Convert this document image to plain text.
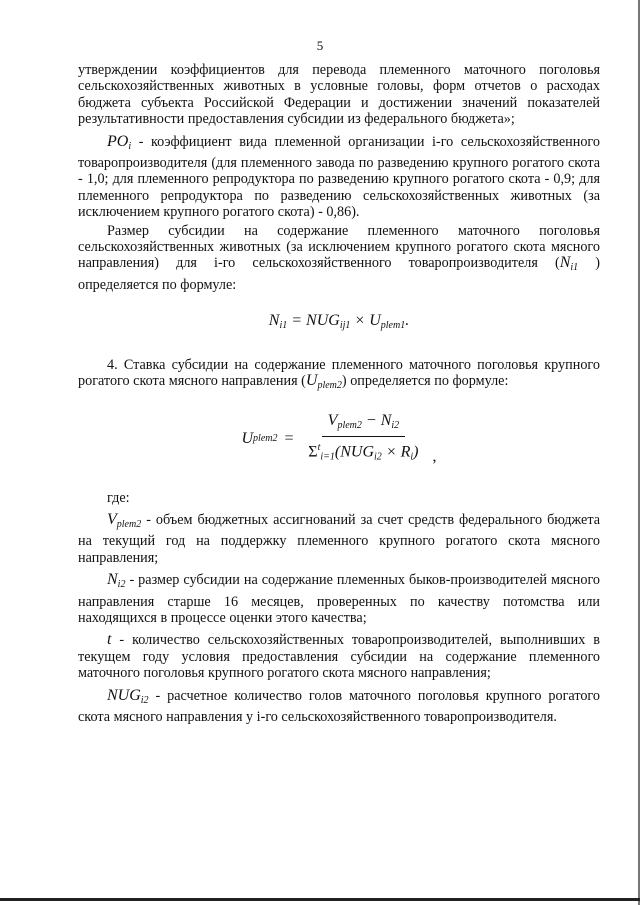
5

утверждении коэффициентов для перевода племенного маточного поголовья сельскохозяйственных животных в условные головы, форм отчетов о расходах бюджета субъекта Российской Федерации и достижении значений показателей результативности предоставления субсидии из федерального бюджета»;

$PO_i$ - коэффициент вида племенной организации i-го сельскохозяйственного товаропроизводителя (для племенного завода по разведению крупного рогатого скота - 1,0; для племенного репродуктора по разведению крупного рогатого скота - 0,9; для племенного репродуктора по разведению сельскохозяйственных животных (за исключением крупного рогатого скота) - 0,86).

Размер субсидии на содержание племенного маточного поголовья сельскохозяйственных животных (за исключением крупного рогатого скота мясного направления) для i-го сельскохозяйственного товаропроизводителя ($N_{i1}$ ) определяется по формуле:

$N_{i1} = NUG_{ij1} \times U_{plem1}$.

4. Ставка субсидии на содержание племенного маточного поголовья крупного рогатого скота мясного направления $(U_{plem2})$ определяется по формуле:

U plem2 = $\frac{V_{plem2} - N_{i2}}{\Sigma^t_{i=1}(NUG_{i2} \times R_i)}$ ,

где:

$V_{plem2}$ - объем бюджетных ассигнований за счет средств федерального бюджета на текущий год на поддержку племенного крупного рогатого скота мясного направления;

$N_{i2}$ - размер субсидии на содержание племенных быков-производителей мясного направления старше 16 месяцев, проверенных по качеству потомства или находящихся в процессе оценки этого качества;

t - количество сельскохозяйственных товаропроизводителей, выполнивших в текущем году условия предоставления субсидии на содержание племенного маточного поголовья крупного рогатого скота мясного направления;

$NUG_{i2}$ - расчетное количество голов маточного поголовья крупного рогатого скота мясного направления у i-го сельскохозяйственного товаропроизводителя.
